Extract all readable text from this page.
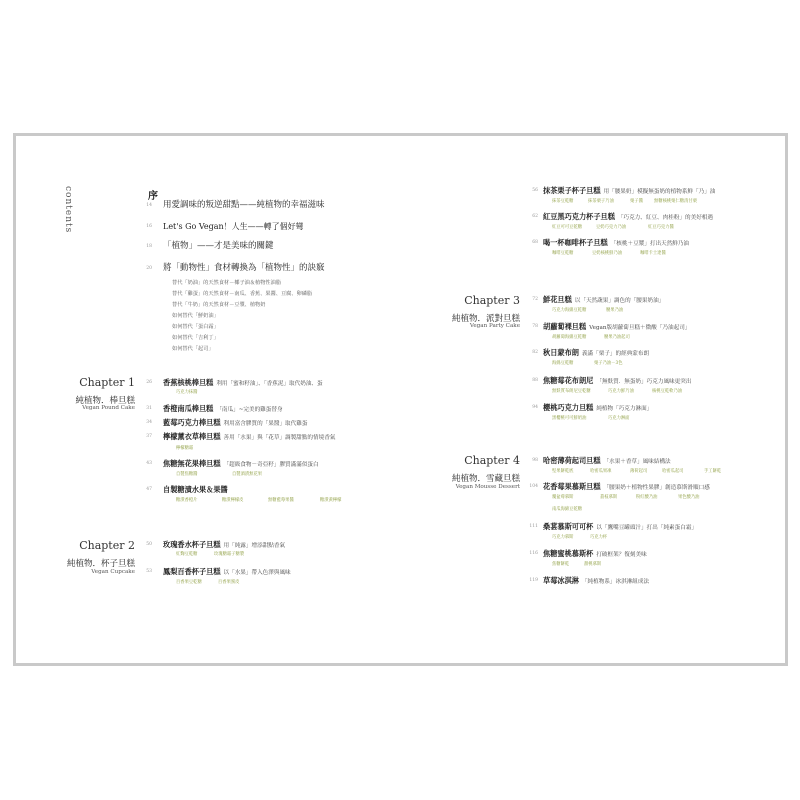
contents	序
14 用愛調味的叛逆甜點——純植物的幸福滋味
16 Let's Go Vegan！人生——轉了個好彎
18 「植物」——才是美味的關鍵
20 將「動物性」食材轉換為「植物性」的訣竅
替代「奶油」的天然食材－椰子油＆植物性油脂
替代「雞蛋」的天然食材－南瓜、香蕉、果醬、豆腐、卵磷脂
替代「牛奶」的天然食材－豆漿、植物奶
如何替代「鮮奶油」
如何替代「蛋白霜」
如何替代「吉利丁」
如何替代「起司」
Chapter 1
純植物．棒旦糕
Vegan Pound Cake
26 香蕉核桃棒旦糕 利用「蜜和籽油」、「香蕉泥」取代奶油、蛋
巧克力抹醬
31 香橙南瓜棒旦糕 「南瓜」~完美的雞蛋替身
34 藍莓巧克力棒旦糕 利用富含膠質的「果醬」取代雞蛋
37 檸檬薰衣草棒旦糕 善用「水果」與「花草」調製甜點的情境香氣
檸檬糖霜
43 焦糖無花果棒旦糕 「超級食物－奇亞籽」膠質滿滿似蛋白
自製焦糖醬	自製酒漬無花果
47 自製糖漬水果＆果醬
糖漬香橙片	糖漬檸檬皮	無糖藍莓果醬	糖漬黃檸檬
Chapter 2
純植物．杯子旦糕
Vegan Cupcake
50 玫瑰香水杯子旦糕 用「純露」增添甜點香氣
紅麴豆乾糖	玫瑰糖霜子糖漿
53 鳳梨百香杯子旦糕 以「水果」帶入色澤與風味
百香果豆乾糖	百香果蜜皮
56 抹茶栗子杯子旦糕 用「腰果奶」模擬無蛋奶的植物系鮮「乃」油
抹茶豆乾糖	抹茶栗子乃油	栗子醬	無糖核桃栗仁糖清甘栗
62 紅豆黑巧克力杯子旦糕 「巧克力、紅豆、肉桂粉」的美好相遇
紅豆可可豆乾糖	豆奶巧克力乃油	紅豆巧克力醬
68 喝一杯咖啡杯子旦糕 「核桃＋豆漿」打出天然鮮乃油
咖啡豆乾糖	豆奶核桃鮮乃油	咖啡卡士達醬
Chapter 3
純植物．派對旦糕
Vegan Party Cake
72 鮮花旦糕 以「天然蔬果」調色的「腰果奶油」
巧克力海綿豆乾糖	腰果乃油
78 胡蘿蔔裸旦糕 Vegan版胡蘿蔔旦糕＋微酸「乃油起司」
胡蘿蔔海綿豆乾糖	腰果乃油起司
82 秋日蒙布朗 義滿「栗子」的經典蒙布朗
海綿豆乾糖	栗子乃油－3色
88 焦糖莓花布朗尼 「無麩質．無蛋奶」巧克力風味更突出
無麩質布朗尼豆乾糖	巧克力鮮乃油	核桃豆乾軟乃油
94 櫻桃巧克力旦糕 純植物「巧克力淋面」
黑櫻桃可可鮮奶油	巧克力淋面
Chapter 4
純植物．雪藏旦糕
Vegan Mousse Dessert
98 哈密薄荷起司旦糕 「水果＋香草」風味結構法
堅果餅乾底	哈密瓜果凍	薄荷起司	哈密瓜起司	手工餅乾
104 花香莓果慕斯旦糕 「腰果奶＋植物性果膠」創造慕斯滑順口感
覆盆莓慕斯	荔枝慕斯	粉紅酸乃油	果色酸乃油
南瓜海綿豆乾糖
111 桑葚慕斯可可杯 以「鷹嘴豆罐頭汁」打出「純素蛋白霜」
巧克力慕斯	巧克力杯
116 焦糖蜜桃慕斯杯 打破框架？復刻美味
焦糖餅乾	甜桃慕斯
119 草莓冰淇淋 「純植物系」冰淇淋組成法
